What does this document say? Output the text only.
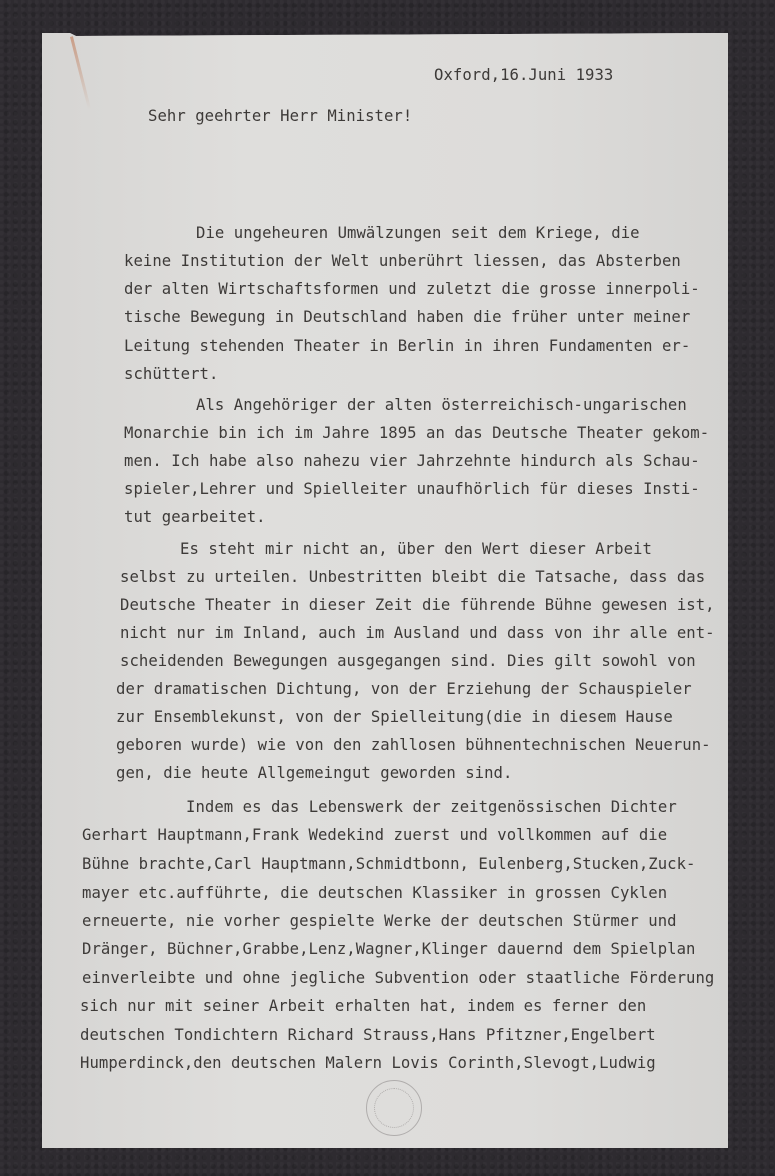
Oxford,16.Juni 1933
Sehr geehrter Herr Minister!
Die ungeheuren Umwälzungen seit dem Kriege, die
keine Institution der Welt unberührt liessen, das Absterben
der alten Wirtschaftsformen und zuletzt die grosse innerpoli-
tische Bewegung in Deutschland haben die früher unter meiner
Leitung stehenden Theater in Berlin in ihren Fundamenten er-
schüttert.
Als Angehöriger der alten österreichisch-ungarischen
Monarchie bin ich im Jahre 1895 an das Deutsche Theater gekom-
men. Ich habe also nahezu vier Jahrzehnte hindurch als Schau-
spieler,Lehrer und Spielleiter unaufhörlich für dieses Insti-
tut gearbeitet.
Es steht mir nicht an, über den Wert dieser Arbeit
selbst zu urteilen. Unbestritten bleibt die Tatsache, dass das
Deutsche Theater in dieser Zeit die führende Bühne gewesen ist,
nicht nur im Inland, auch im Ausland und dass von ihr alle ent-
scheidenden Bewegungen ausgegangen sind. Dies gilt sowohl von
der dramatischen Dichtung, von der Erziehung der Schauspieler
zur Ensemblekunst, von der Spielleitung(die in diesem Hause
geboren wurde) wie von den zahllosen bühnentechnischen Neuerun-
gen, die heute Allgemeingut geworden sind.
Indem es das Lebenswerk der zeitgenössischen Dichter
Gerhart Hauptmann,Frank Wedekind zuerst und vollkommen auf die
Bühne brachte,Carl Hauptmann,Schmidtbonn, Eulenberg,Stucken,Zuck-
mayer etc.aufführte, die deutschen Klassiker in grossen Cyklen
erneuerte, nie vorher gespielte Werke der deutschen Stürmer und
Dränger, Büchner,Grabbe,Lenz,Wagner,Klinger dauernd dem Spielplan
einverleibte und ohne jegliche Subvention oder staatliche Förderung
sich nur mit seiner Arbeit erhalten hat, indem es ferner den
deutschen Tondichtern Richard Strauss,Hans Pfitzner,Engelbert
Humperdinck,den deutschen Malern Lovis Corinth,Slevogt,Ludwig
